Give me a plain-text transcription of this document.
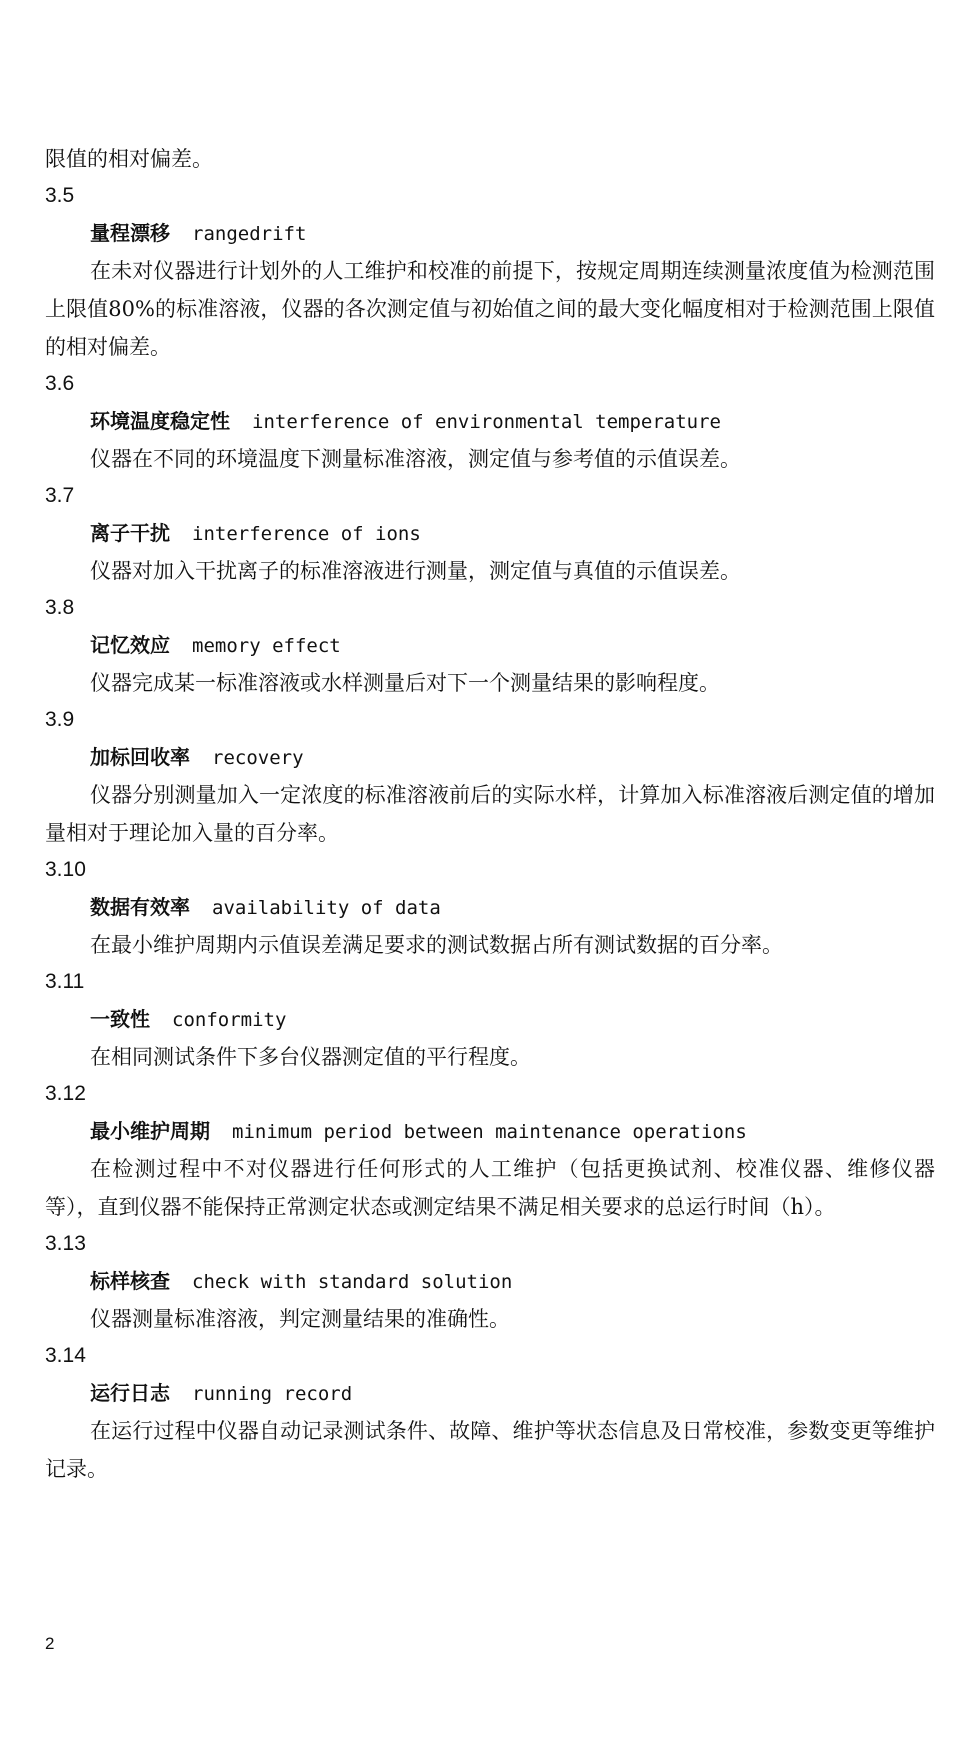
限值的相对偏差。

3.5

量程漂移 rangedrift

在未对仪器进行计划外的人工维护和校准的前提下，按规定周期连续测量浓度值为检测范围上限值80%的标准溶液，仪器的各次测定值与初始值之间的最大变化幅度相对于检测范围上限值的相对偏差。

3.6

环境温度稳定性 interference of environmental temperature

仪器在不同的环境温度下测量标准溶液，测定值与参考值的示值误差。

3.7

离子干扰 interference of ions

仪器对加入干扰离子的标准溶液进行测量，测定值与真值的示值误差。

3.8

记忆效应 memory effect

仪器完成某一标准溶液或水样测量后对下一个测量结果的影响程度。

3.9

加标回收率 recovery

仪器分别测量加入一定浓度的标准溶液前后的实际水样，计算加入标准溶液后测定值的增加量相对于理论加入量的百分率。

3.10

数据有效率 availability of data

在最小维护周期内示值误差满足要求的测试数据占所有测试数据的百分率。

3.11

一致性 conformity

在相同测试条件下多台仪器测定值的平行程度。

3.12

最小维护周期 minimum period between maintenance operations

在检测过程中不对仪器进行任何形式的人工维护（包括更换试剂、校准仪器、维修仪器等），直到仪器不能保持正常测定状态或测定结果不满足相关要求的总运行时间（h）。

3.13

标样核查 check with standard solution

仪器测量标准溶液，判定测量结果的准确性。

3.14

运行日志 running record

在运行过程中仪器自动记录测试条件、故障、维护等状态信息及日常校准，参数变更等维护记录。

2
